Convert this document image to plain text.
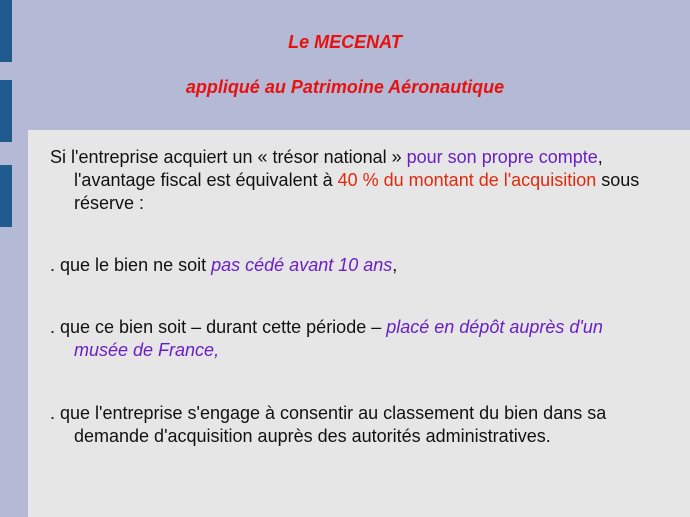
Le MECENAT
appliqué au Patrimoine Aéronautique
Si l'entreprise acquiert un « trésor national » pour son propre compte, l'avantage fiscal est équivalent à 40 % du montant de l'acquisition sous réserve :
. que le bien ne soit pas cédé avant 10 ans,
. que ce bien soit – durant cette période – placé en dépôt auprès d'un musée de France,
. que l'entreprise s'engage à consentir au classement du bien dans sa demande d'acquisition auprès des autorités administratives.
